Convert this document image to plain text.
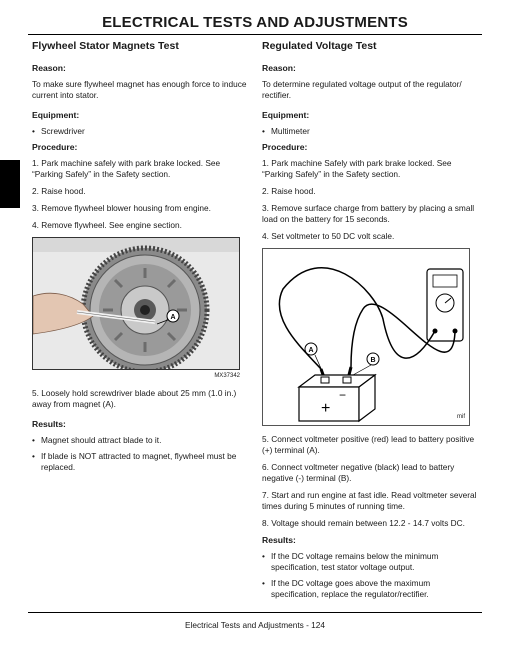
ELECTRICAL TESTS AND ADJUSTMENTS
Flywheel Stator Magnets Test
Reason:
To make sure flywheel magnet has enough force to induce current into stator.
Equipment:
• Screwdriver
Procedure:
1. Park machine safely with park brake locked. See “Parking Safely” in the Safety section.
2. Raise hood.
3. Remove flywheel blower housing from engine.
4. Remove flywheel. See engine section.
A
MX37342
5. Loosely hold screwdriver blade about 25 mm (1.0 in.) away from magnet (A).
Results:
• Magnet should attract blade to it.
• If blade is NOT attracted to magnet, flywheel must be replaced.
Regulated Voltage Test
Reason:
To determine regulated voltage output of the regulator/ rectifier.
Equipment:
• Multimeter
Procedure:
1. Park machine Safely with park brake locked. See “Parking Safely” in the Safety section.
2. Raise hood.
3. Remove surface charge from battery by placing a small load on the battery for 15 seconds.
4. Set voltmeter to 50 DC volt scale.
+
−
A
B
mif
5. Connect voltmeter positive (red) lead to battery positive (+) terminal (A).
6. Connect voltmeter negative (black) lead to battery negative (-) terminal (B).
7. Start and run engine at fast idle. Read voltmeter several times during 5 minutes of running time.
8. Voltage should remain between 12.2 - 14.7 volts DC.
Results:
• If the DC voltage remains below the minimum specification, test stator voltage output.
• If the DC voltage goes above the maximum specification, replace the regulator/rectifier.
Electrical Tests and Adjustments - 124
